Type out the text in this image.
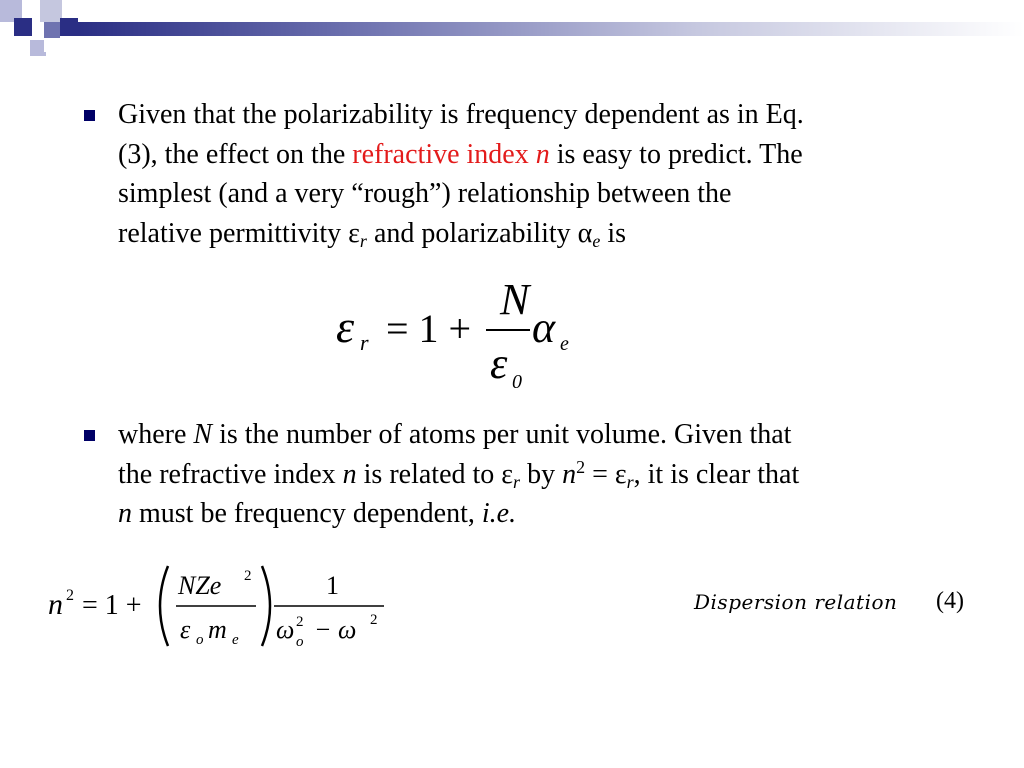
Given that the polarizability is frequency dependent as in Eq.
(3), the effect on the refractive index n is easy to predict. The
simplest (and a very “rough”) relationship between the
relative permittivity $\varepsilon_r$ and polarizability $\alpha_e$ is

ε r = 1 +
N
ε 0
α e

where N is the number of atoms per unit volume. Given that
the refractive index n is related to $\varepsilon_r$ by $n^2 = \varepsilon_r$, it is clear that
n must be frequency dependent, i.e.

n 2 = 1 +
NZe 2
ε o m e
1
ω o
2 − ω 2
Dispersion relation (4)
